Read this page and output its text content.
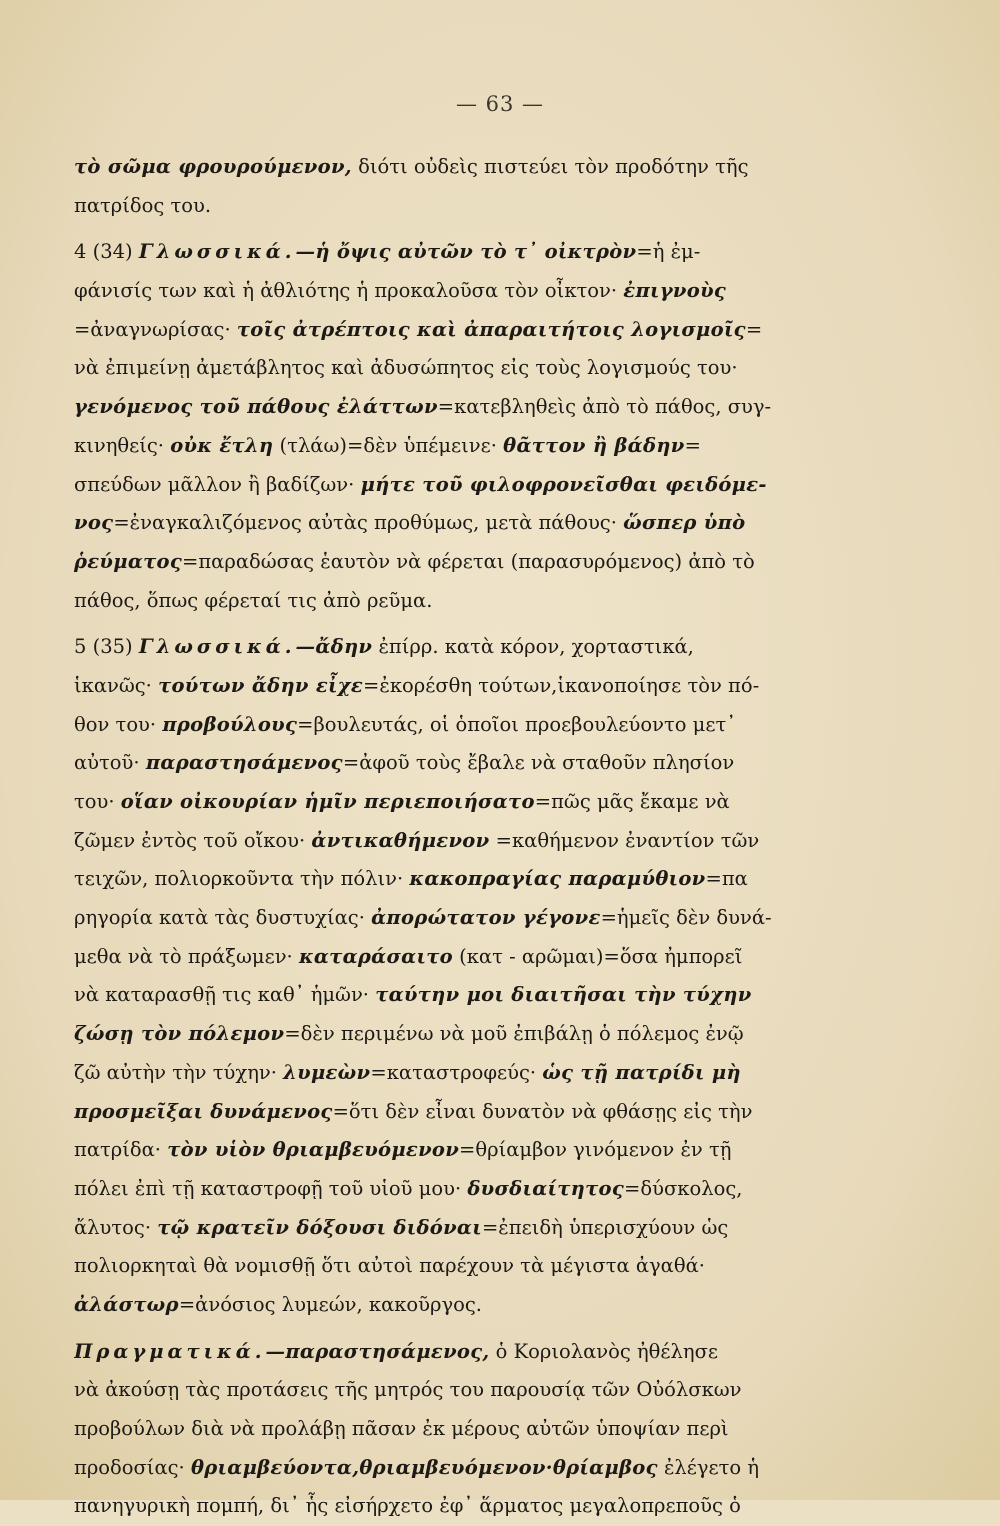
— 63 —
τὸ σῶμα φρουρούμενον, διότι οὐδεὶς πιστεύει τὸν προδότην τῆς
πατρίδος του.
4 (34) Γλωσσικά.—ἡ ὄψις αὐτῶν τὸ τ᾽ οἰκτρὸν=ἡ ἐμ-
φάνισίς των καὶ ἡ ἀθλιότης ἡ προκαλοῦσα τὸν οἶκτον· ἐπιγνοὺς
=ἀναγνωρίσας· τοῖς ἀτρέπτοις καὶ ἀπαραιτήτοις λογισμοῖς=
νὰ ἐπιμείνῃ ἀμετάβλητος καὶ ἀδυσώπητος εἰς τοὺς λογισμούς του·
γενόμενος τοῦ πάθους ἐλάττων=κατεβληθεὶς ἀπὸ τὸ πάθος, συγ-
κινηθείς· οὐκ ἔτλη (τλάω)=δὲν ὑπέμεινε· θᾶττον ἢ βάδην=
σπεύδων μᾶλλον ἢ βαδίζων· μήτε τοῦ φιλοφρονεῖσθαι φειδόμε-
νος=ἐναγκαλιζόμενος αὐτὰς προθύμως, μετὰ πάθους· ὥσπερ ὑπὸ
ῥεύματος=παραδώσας ἑαυτὸν νὰ φέρεται (παρασυρόμενος) ἀπὸ τὸ
πάθος, ὅπως φέρεταί τις ἀπὸ ρεῦμα.
5 (35) Γλωσσικά.—ἄδην ἐπίρρ. κατὰ κόρον, χορταστικά,
ἱκανῶς· τούτων ἄδην εἶχε=ἐκορέσθη τούτων,ἱκανοποίησε τὸν πό-
θον του· προβούλους=βουλευτάς, οἱ ὁποῖοι προεβουλεύοντο μετ᾽
αὐτοῦ· παραστησάμενος=ἀφοῦ τοὺς ἔβαλε νὰ σταθοῦν πλησίον
του· οἵαν οἰκουρίαν ἡμῖν περιεποιήσατο=πῶς μᾶς ἔκαμε νὰ
ζῶμεν ἐντὸς τοῦ οἴκου· ἀντικαθήμενον =καθήμενον ἐναντίον τῶν
τειχῶν, πολιορκοῦντα τὴν πόλιν· κακοπραγίας παραμύθιον=πα
ρηγορία κατὰ τὰς δυστυχίας· ἀπορώτατον γέγονε=ἡμεῖς δὲν δυνά-
μεθα νὰ τὸ πράξωμεν· καταράσαιτο (κατ - αρῶμαι)=ὅσα ἠμπορεῖ
νὰ καταρασθῇ τις καθ᾽ ἡμῶν· ταύτην μοι διαιτῆσαι τὴν τύχην
ζώσῃ τὸν πόλεμον=δὲν περιμένω νὰ μοῦ ἐπιβάλῃ ὁ πόλεμος ἐνῷ
ζῶ αὐτὴν τὴν τύχην· λυμεὼν=καταστροφεύς· ὡς τῇ πατρίδι μὴ
προσμεῖξαι δυνάμενος=ὅτι δὲν εἶναι δυνατὸν νὰ φθάσῃς εἰς τὴν
πατρίδα· τὸν υἱὸν θριαμβευόμενον=θρίαμβον γινόμενον ἐν τῇ
πόλει ἐπὶ τῇ καταστροφῇ τοῦ υἱοῦ μου· δυσδιαίτητος=δύσκολος,
ἄλυτος· τῷ κρατεῖν δόξουσι διδόναι=ἐπειδὴ ὑπερισχύουν ὡς
πολιορκηταὶ θὰ νομισθῇ ὅτι αὐτοὶ παρέχουν τὰ μέγιστα ἀγαθά·
ἀλάστωρ=ἀνόσιος λυμεών, κακοῦργος.
Πραγματικά.—παραστησάμενος, ὁ Κοριολανὸς ἠθέλησε
νὰ ἀκούσῃ τὰς προτάσεις τῆς μητρός του παρουσίᾳ τῶν Οὐόλσκων
προβούλων διὰ νὰ προλάβῃ πᾶσαν ἐκ μέρους αὐτῶν ὑποψίαν περὶ
προδοσίας· θριαμβεύοντα,θριαμβευόμενον·θρίαμβος ἐλέγετο ἡ
πανηγυρικὴ πομπή, δι᾽ ἧς εἰσήρχετο ἐφ᾽ ἅρματος μεγαλοπρεποῦς ὁ
